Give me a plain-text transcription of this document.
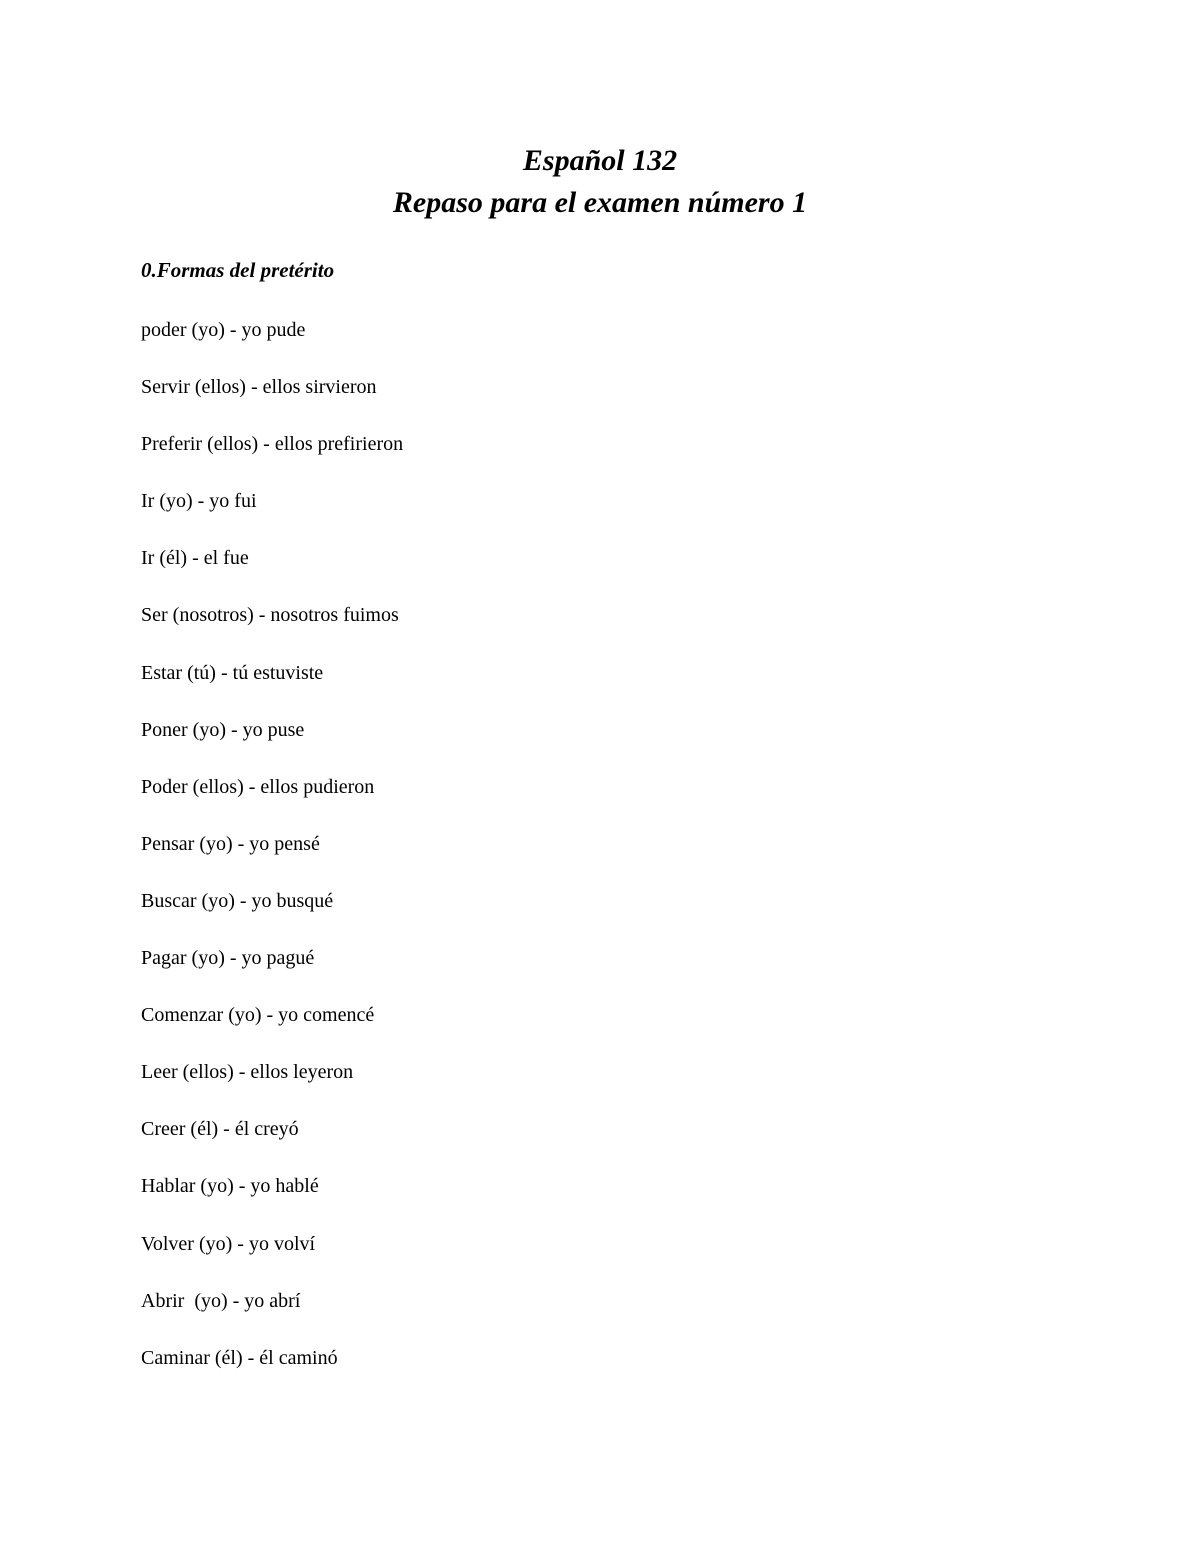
Español 132
Repaso para el examen número 1
0.Formas del pretérito
poder (yo) - yo pude
Servir (ellos) - ellos sirvieron
Preferir (ellos) - ellos prefirieron
Ir (yo) - yo fui
Ir (él) - el fue
Ser (nosotros) - nosotros fuimos
Estar (tú) - tú estuviste
Poner (yo) - yo puse
Poder (ellos) - ellos pudieron
Pensar (yo) - yo pensé
Buscar (yo) - yo busqué
Pagar (yo) - yo pagué
Comenzar (yo) - yo comencé
Leer (ellos) - ellos leyeron
Creer (él) - él creyó
Hablar (yo) - yo hablé
Volver (yo) - yo volví
Abrir  (yo) - yo abrí
Caminar (él) - él caminó
